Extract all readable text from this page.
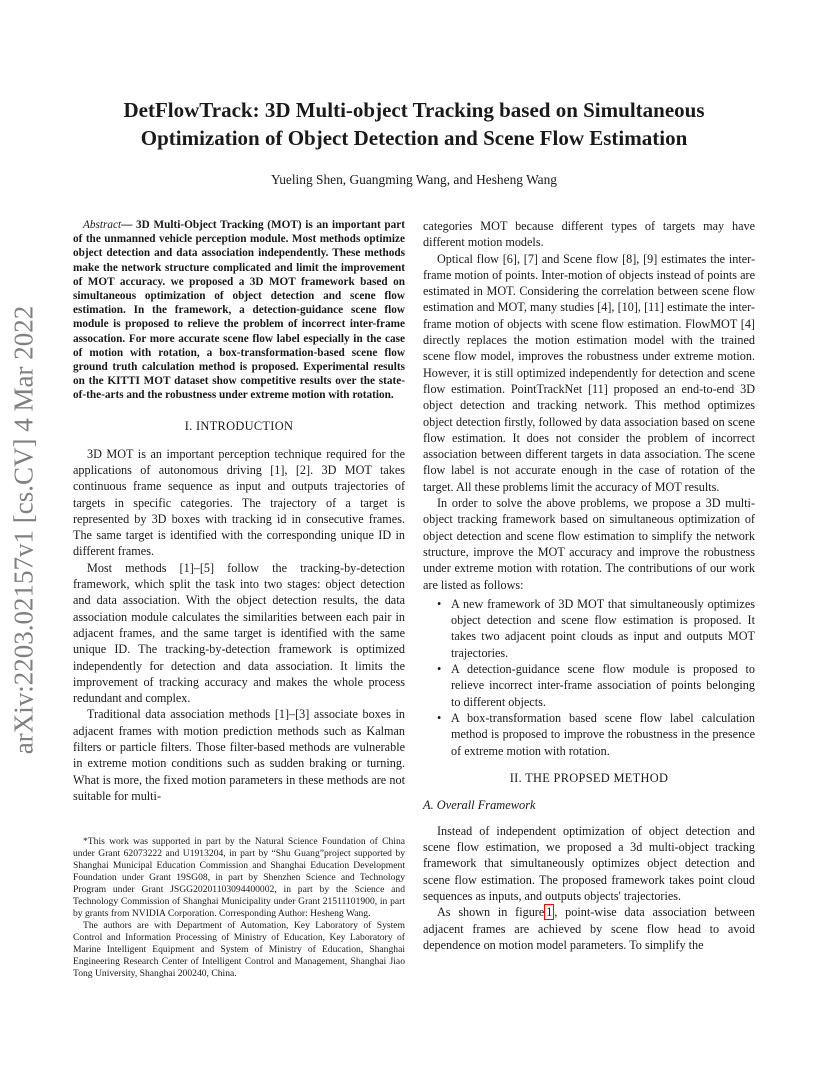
arXiv:2203.02157v1 [cs.CV] 4 Mar 2022
DetFlowTrack: 3D Multi-object Tracking based on Simultaneous Optimization of Object Detection and Scene Flow Estimation
Yueling Shen, Guangming Wang, and Hesheng Wang

Abstract— 3D Multi-Object Tracking (MOT) is an important part of the unmanned vehicle perception module. Most methods optimize object detection and data association independently. These methods make the network structure complicated and limit the improvement of MOT accuracy. we proposed a 3D MOT framework based on simultaneous optimization of object detection and scene flow estimation. In the framework, a detection-guidance scene flow module is proposed to relieve the problem of incorrect inter-frame assocation. For more accurate scene flow label especially in the case of motion with rotation, a box-transformation-based scene flow ground truth calculation method is proposed. Experimental results on the KITTI MOT dataset show competitive results over the state-of-the-arts and the robustness under extreme motion with rotation.

I. INTRODUCTION

3D MOT is an important perception technique required for the applications of autonomous driving [1], [2]. 3D MOT takes continuous frame sequence as input and outputs trajectories of targets in specific categories. The trajectory of a target is represented by 3D boxes with tracking id in consecutive frames. The same target is identified with the corresponding unique ID in different frames.

Most methods [1]–[5] follow the tracking-by-detection framework, which split the task into two stages: object detection and data association. With the object detection results, the data association module calculates the similarities between each pair in adjacent frames, and the same target is identified with the same unique ID. The tracking-by-detection framework is optimized independently for detection and data association. It limits the improvement of tracking accuracy and makes the whole process redundant and complex.

Traditional data association methods [1]–[3] associate boxes in adjacent frames with motion prediction methods such as Kalman filters or particle filters. Those filter-based methods are vulnerable in extreme motion conditions such as sudden braking or turning. What is more, the fixed motion parameters in these methods are not suitable for multi-

*This work was supported in part by the Natural Science Foundation of China under Grant 62073222 and U1913204, in part by “Shu Guang”project supported by Shanghai Municipal Education Commission and Shanghai Education Development Foundation under Grant 19SG08, in part by Shenzhen Science and Technology Program under Grant JSGG20201103094400002, in part by the Science and Technology Commission of Shanghai Municipality under Grant 21511101900, in part by grants from NVIDIA Corporation. Corresponding Author: Hesheng Wang.

The authors are with Department of Automation, Key Laboratory of System Control and Information Processing of Ministry of Education, Key Laboratory of Marine Intelligent Equipment and System of Ministry of Education, Shanghai Engineering Research Center of Intelligent Control and Management, Shanghai Jiao Tong University, Shanghai 200240, China.

categories MOT because different types of targets may have different motion models.

Optical flow [6], [7] and Scene flow [8], [9] estimates the inter-frame motion of points. Inter-motion of objects instead of points are estimated in MOT. Considering the correlation between scene flow estimation and MOT, many studies [4], [10], [11] estimate the inter-frame motion of objects with scene flow estimation. FlowMOT [4] directly replaces the motion estimation model with the trained scene flow model, improves the robustness under extreme motion. However, it is still optimized independently for detection and scene flow estimation. PointTrackNet [11] proposed an end-to-end 3D object detection and tracking network. This method optimizes object detection firstly, followed by data association based on scene flow estimation. It does not consider the problem of incorrect association between different targets in data association. The scene flow label is not accurate enough in the case of rotation of the target. All these problems limit the accuracy of MOT results.

In order to solve the above problems, we propose a 3D multi-object tracking framework based on simultaneous optimization of object detection and scene flow estimation to simplify the network structure, improve the MOT accuracy and improve the robustness under extreme motion with rotation. The contributions of our work are listed as follows:

• A new framework of 3D MOT that simultaneously optimizes object detection and scene flow estimation is proposed. It takes two adjacent point clouds as input and outputs MOT trajectories.
• A detection-guidance scene flow module is proposed to relieve incorrect inter-frame association of points belonging to different objects.
• A box-transformation based scene flow label calculation method is proposed to improve the robustness in the presence of extreme motion with rotation.
II. THE PROPSED METHOD
A. Overall Framework

Instead of independent optimization of object detection and scene flow estimation, we proposed a 3d multi-object tracking framework that simultaneously optimizes object detection and scene flow estimation. The proposed framework takes point cloud sequences as inputs, and outputs objects' trajectories.

As shown in figure 1 , point-wise data association between adjacent frames are achieved by scene flow head to avoid dependence on motion model parameters. To simplify the
